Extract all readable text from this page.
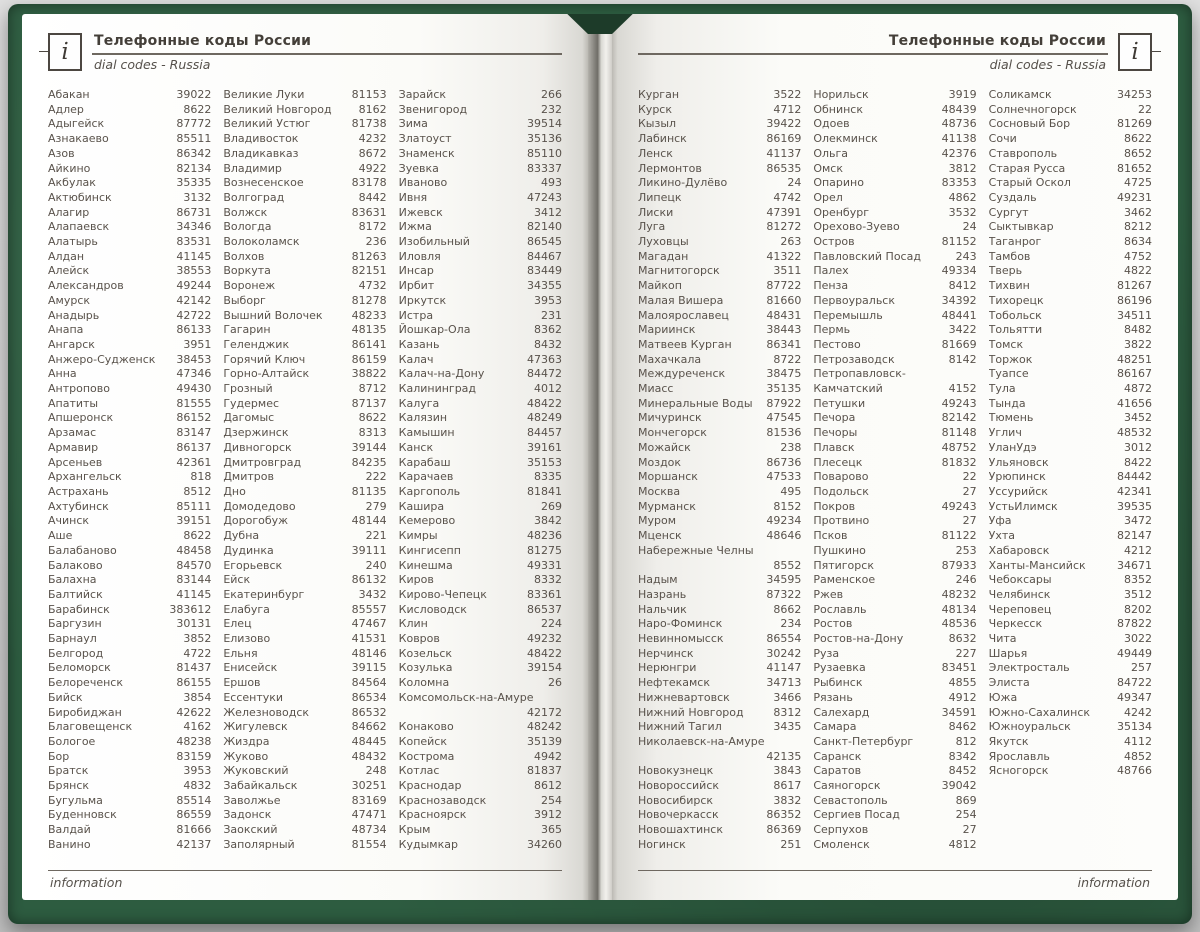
i Телефонные коды России
dial codes - Russia
Абакан	39022
Адлер	8622
Адыгейск	87772
Азнакаево	85511
Азов	86342
Айкино	82134
Акбулак	35335
Актюбинск	3132
Алагир	86731
Алапаевск	34346
Алатырь	83531
Алдан	41145
Алейск	38553
Александров	49244
Амурск	42142
Анадырь	42722
Анапа	86133
Ангарск	3951
Анжеро-Судженск	38453
Анна	47346
Антропово	49430
Апатиты	81555
Апшеронск	86152
Арзамас	83147
Армавир	86137
Арсеньев	42361
Архангельск	818
Астрахань	8512
Ахтубинск	85111
Ачинск	39151
Аше	8622
Балабаново	48458
Балаково	84570
Балахна	83144
Балтийск	41145
Барабинск	383612
Баргузин	30131
Барнаул	3852
Белгород	4722
Беломорск	81437
Белореченск	86155
Бийск	3854
Биробиджан	42622
Благовещенск	4162
Бологое	48238
Бор	83159
Братск	3953
Брянск	4832
Бугульма	85514
Буденновск	86559
Валдай	81666
Ванино	42137
Великие Луки	81153
Великий Новгород	8162
Великий Устюг	81738
Владивосток	4232
Владикавказ	8672
Владимир	4922
Вознесенское	83178
Волгоград	8442
Волжск	83631
Вологда	8172
Волоколамск	236
Волхов	81263
Воркута	82151
Воронеж	4732
Выборг	81278
Вышний Волочек	48233
Гагарин	48135
Геленджик	86141
Горячий Ключ	86159
Горно-Алтайск	38822
Грозный	8712
Гудермес	87137
Дагомыс	8622
Дзержинск	8313
Дивногорск	39144
Дмитровград	84235
Дмитров	222
Дно	81135
Домодедово	279
Дорогобуж	48144
Дубна	221
Дудинка	39111
Егорьевск	240
Ейск	86132
Екатеринбург	3432
Елабуга	85557
Елец	47467
Елизово	41531
Ельня	48146
Енисейск	39115
Ершов	84564
Ессентуки	86534
Железноводск	86532
Жигулевск	84662
Жиздра	48445
Жуково	48432
Жуковский	248
Забайкальск	30251
Заволжье	83169
Задонск	47471
Заокский	48734
Заполярный	81554
Зарайск	266
Звенигород	232
Зима	39514
Златоуст	35136
Знаменск	85110
Зуевка	83337
Иваново	493
Ивня	47243
Ижевск	3412
Ижма	82140
Изобильный	86545
Иловля	84467
Инсар	83449
Ирбит	34355
Иркутск	3953
Истра	231
Йошкар-Ола	8362
Казань	8432
Калач	47363
Калач-на-Дону	84472
Калининград	4012
Калуга	48422
Калязин	48249
Камышин	84457
Канск	39161
Карабаш	35153
Карачаев	8335
Каргополь	81841
Кашира	269
Кемерово	3842
Кимры	48236
Кингисепп	81275
Кинешма	49331
Киров	8332
Кирово-Чепецк	83361
Кисловодск	86537
Клин	224
Ковров	49232
Козельск	48422
Козулька	39154
Коломна	26
Комсомольск-на-Амуре
42172
Конаково	48242
Копейск	35139
Кострома	4942
Котлас	81837
Краснодар	8612
Краснозаводск	254
Красноярск	3912
Крым	365
Кудымкар	34260
information
i
Телефонные коды России
dial codes - Russia
Курган	3522
Курск	4712
Кызыл	39422
Лабинск	86169
Ленск	41137
Лермонтов	86535
Ликино-Дулёво	24
Липецк	4742
Лиски	47391
Луга	81272
Луховцы	263
Магадан	41322
Магнитогорск	3511
Майкоп	87722
Малая Вишера	81660
Малоярославец	48431
Мариинск	38443
Матвеев Курган	86341
Махачкала	8722
Междуреченск	38475
Миасс	35135
Минеральные Воды	87922
Мичуринск	47545
Мончегорск	81536
Можайск	238
Моздок	86736
Моршанск	47533
Москва	495
Мурманск	8152
Муром	49234
Мценск	48646
Набережные Челны
8552
Надым	34595
Назрань	87322
Нальчик	8662
Наро-Фоминск	234
Невинномысск	86554
Нерчинск	30242
Нерюнгри	41147
Нефтекамск	34713
Нижневартовск	3466
Нижний Новгород	8312
Нижний Тагил	3435
Николаевск-на-Амуре
42135
Новокузнецк	3843
Новороссийск	8617
Новосибирск	3832
Новочеркасск	86352
Новошахтинск	86369
Ногинск	251
Норильск	3919
Обнинск	48439
Одоев	48736
Олекминск	41138
Ольга	42376
Омск	3812
Опарино	83353
Орел	4862
Оренбург	3532
Орехово-Зуево	24
Остров	81152
Павловский Посад	243
Палех	49334
Пенза	8412
Первоуральск	34392
Перемышль	48441
Пермь	3422
Пестово	81669
Петрозаводск	8142
Петропавловск-
Камчатский	4152
Петушки	49243
Печора	82142
Печоры	81148
Плавск	48752
Плесецк	81832
Поварово	22
Подольск	27
Покров	49243
Протвино	27
Псков	81122
Пушкино	253
Пятигорск	87933
Раменское	246
Ржев	48232
Рославль	48134
Ростов	48536
Ростов-на-Дону	8632
Руза	227
Рузаевка	83451
Рыбинск	4855
Рязань	4912
Салехард	34591
Самара	8462
Санкт-Петербург	812
Саранск	8342
Саратов	8452
Саяногорск	39042
Севастополь	869
Сергиев Посад	254
Серпухов	27
Смоленск	4812
Соликамск	34253
Солнечногорск	22
Сосновый Бор	81269
Сочи	8622
Ставрополь	8652
Старая Русса	81652
Старый Оскол	4725
Суздаль	49231
Сургут	3462
Сыктывкар	8212
Таганрог	8634
Тамбов	4752
Тверь	4822
Тихвин	81267
Тихорецк	86196
Тобольск	34511
Тольятти	8482
Томск	3822
Торжок	48251
Туапсе	86167
Тула	4872
Тында	41656
Тюмень	3452
Углич	48532
УланУдэ	3012
Ульяновск	8422
Урюпинск	84442
Уссурийск	42341
УстьИлимск	39535
Уфа	3472
Ухта	82147
Хабаровск	4212
Ханты-Мансийск	34671
Чебоксары	8352
Челябинск	3512
Череповец	8202
Черкесск	87822
Чита	3022
Шарья	49449
Электросталь	257
Элиста	84722
Южа	49347
Южно-Сахалинск	4242
Южноуральск	35134
Якутск	4112
Ярославль	4852
Ясногорск	48766
information
